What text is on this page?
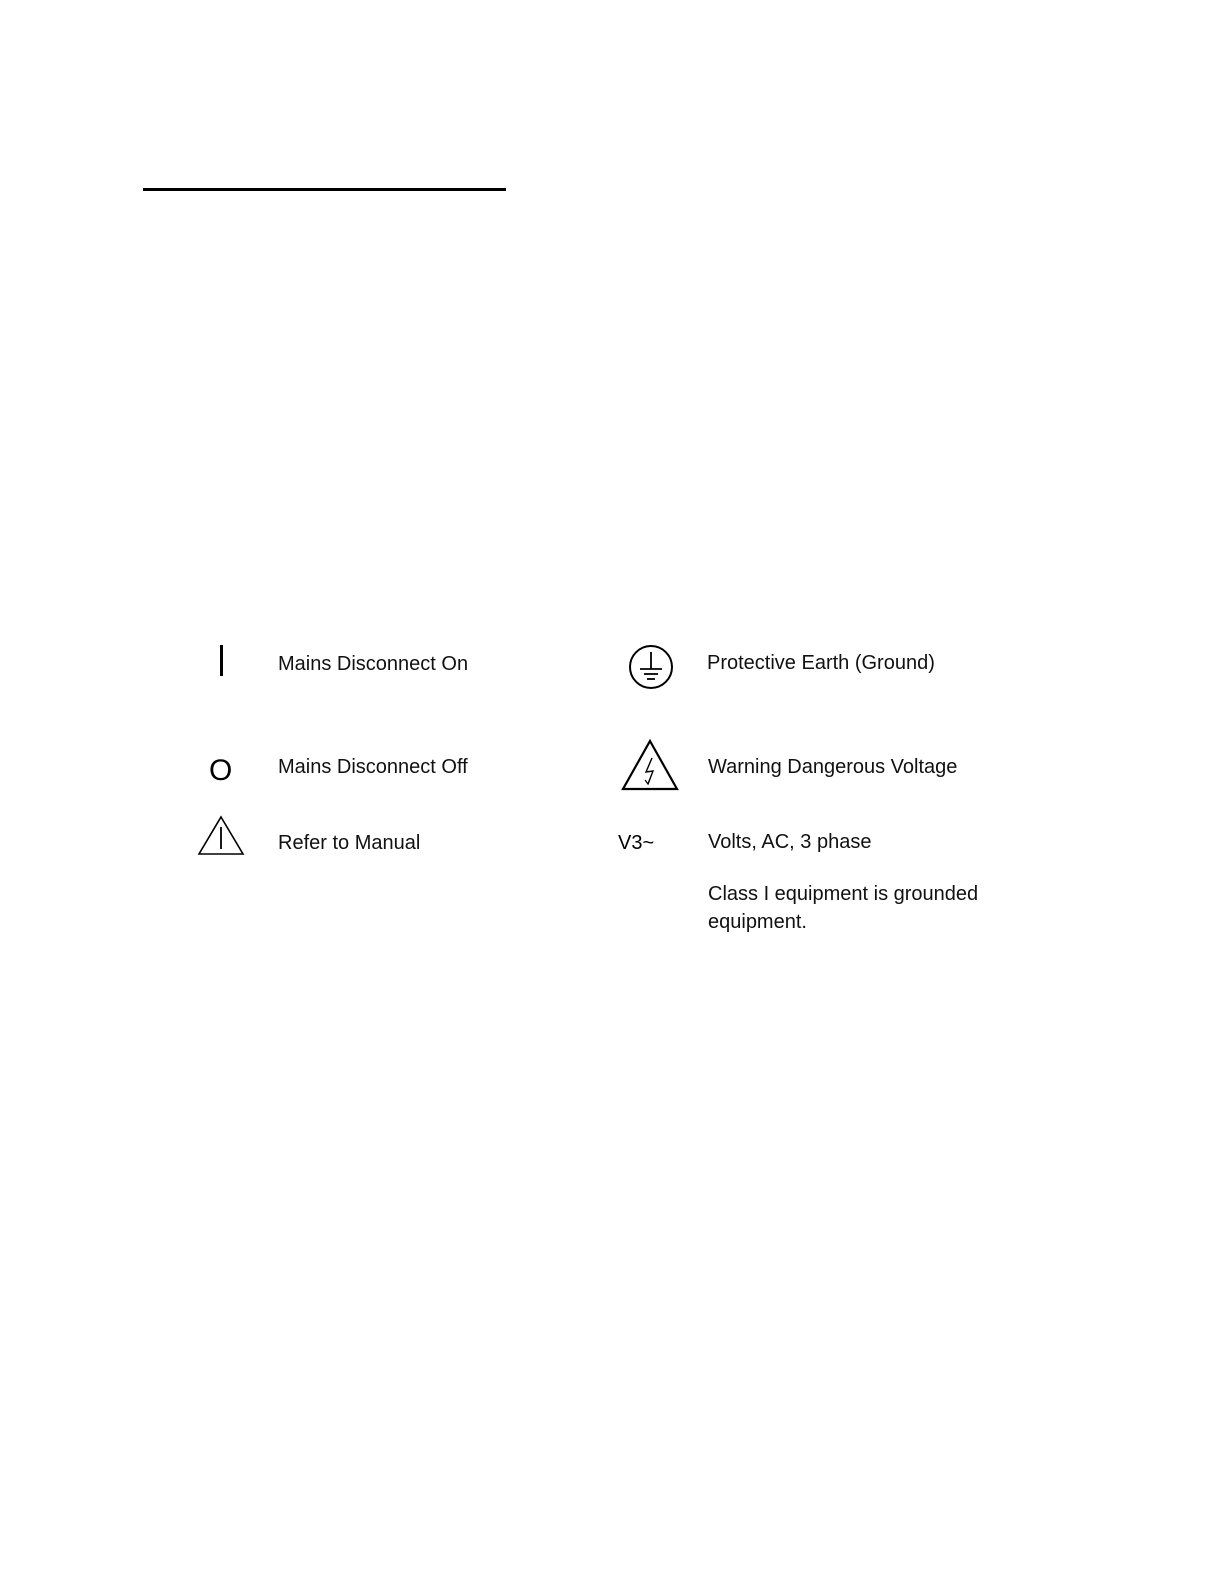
Mains Disconnect On
O Mains Disconnect Off
Refer to Manual
Protective Earth (Ground)
Warning Dangerous Voltage
V3~	Volts, AC, 3 phase
Class I equipment is grounded equipment.
